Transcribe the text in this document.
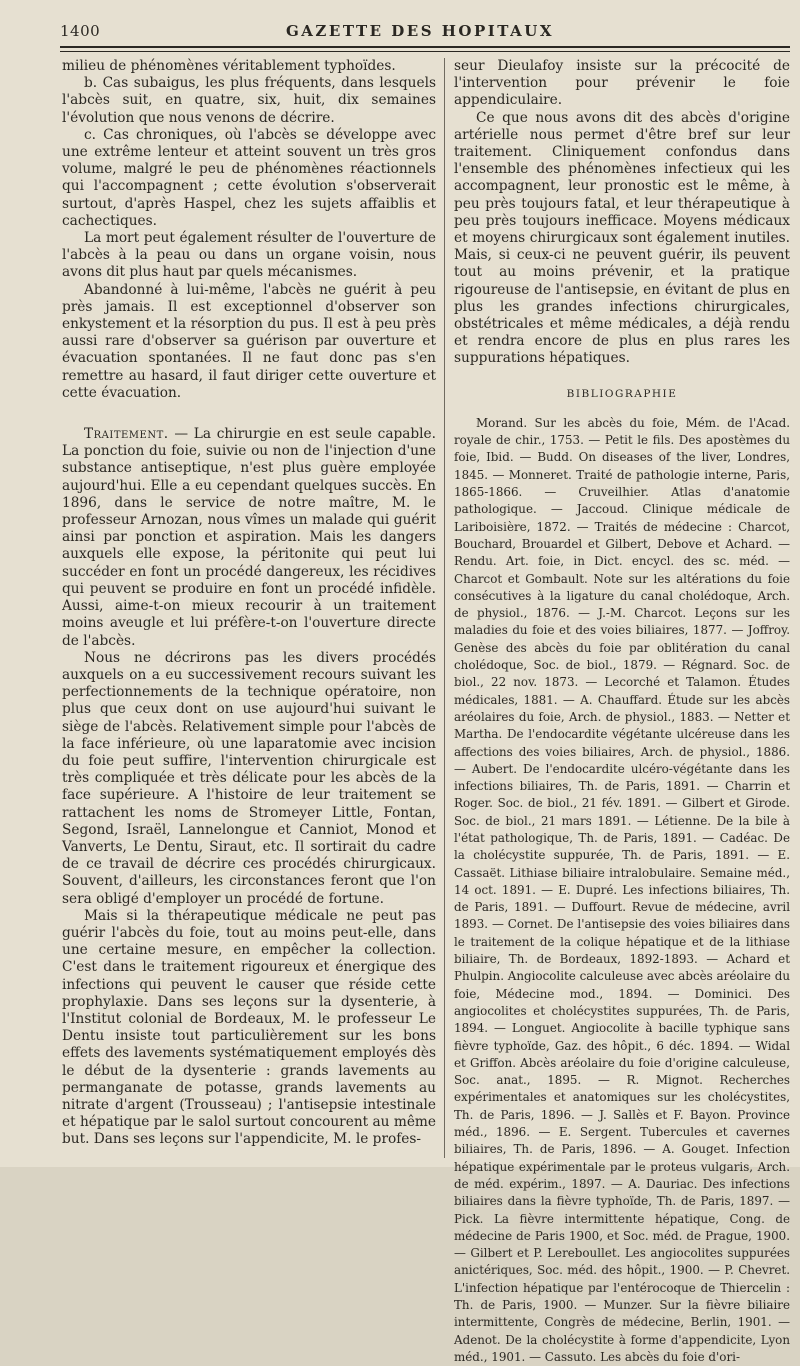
GAZETTE DES HOPITAUX
1400

milieu de phénomènes véritablement typhoïdes.

b. Cas subaigus, les plus fréquents, dans lesquels l'abcès suit, en quatre, six, huit, dix semaines l'évolution que nous venons de décrire.

c. Cas chroniques, où l'abcès se développe avec une extrême lenteur et atteint souvent un très gros volume, malgré le peu de phénomènes réactionnels qui l'accompagnent ; cette évolution s'observerait surtout, d'après Haspel, chez les sujets affaiblis et cachectiques.

La mort peut également résulter de l'ouverture de l'abcès à la peau ou dans un organe voisin, nous avons dit plus haut par quels mécanismes.

Abandonné à lui-même, l'abcès ne guérit à peu près jamais. Il est exceptionnel d'observer son enkystement et la résorption du pus. Il est à peu près aussi rare d'observer sa guérison par ouverture et évacuation spontanées. Il ne faut donc pas s'en remettre au hasard, il faut diriger cette ouverture et cette évacuation.

Traitement. — La chirurgie en est seule capable. La ponction du foie, suivie ou non de l'injection d'une substance antiseptique, n'est plus guère employée aujourd'hui. Elle a eu cependant quelques succès. En 1896, dans le service de notre maître, M. le professeur Arnozan, nous vîmes un malade qui guérit ainsi par ponction et aspiration. Mais les dangers auxquels elle expose, la péritonite qui peut lui succéder en font un procédé dangereux, les récidives qui peuvent se produire en font un procédé infidèle. Aussi, aime-t-on mieux recourir à un traitement moins aveugle et lui préfère-t-on l'ouverture directe de l'abcès.

Nous ne décrirons pas les divers procédés auxquels on a eu successivement recours suivant les perfectionnements de la technique opératoire, non plus que ceux dont on use aujourd'hui suivant le siège de l'abcès. Relativement simple pour l'abcès de la face inférieure, où une laparatomie avec incision du foie peut suffire, l'intervention chirurgicale est très compliquée et très délicate pour les abcès de la face supérieure. A l'histoire de leur traitement se rattachent les noms de Stromeyer Little, Fontan, Segond, Israël, Lannelongue et Canniot, Monod et Vanverts, Le Dentu, Siraut, etc. Il sortirait du cadre de ce travail de décrire ces procédés chirurgicaux. Souvent, d'ailleurs, les circonstances feront que l'on sera obligé d'employer un procédé de fortune.

Mais si la thérapeutique médicale ne peut pas guérir l'abcès du foie, tout au moins peut-elle, dans une certaine mesure, en empêcher la collection. C'est dans le traitement rigoureux et énergique des infections qui peuvent le causer que réside cette prophylaxie. Dans ses leçons sur la dysenterie, à l'Institut colonial de Bordeaux, M. le professeur Le Dentu insiste tout particulièrement sur les bons effets des lavements systématiquement employés dès le début de la dysenterie : grands lavements au permanganate de potasse, grands lavements au nitrate d'argent (Trousseau) ; l'antisepsie intestinale et hépatique par le salol surtout concourent au même but. Dans ses leçons sur l'appendicite, M. le profes-

seur Dieulafoy insiste sur la précocité de l'intervention pour prévenir le foie appendiculaire.

Ce que nous avons dit des abcès d'origine artérielle nous permet d'être bref sur leur traitement. Cliniquement confondus dans l'ensemble des phénomènes infectieux qui les accompagnent, leur pronostic est le même, à peu près toujours fatal, et leur thérapeutique à peu près toujours inefficace. Moyens médicaux et moyens chirurgicaux sont également inutiles. Mais, si ceux-ci ne peuvent guérir, ils peuvent tout au moins prévenir, et la pratique rigoureuse de l'antisepsie, en évitant de plus en plus les grandes infections chirurgicales, obstétricales et même médicales, a déjà rendu et rendra encore de plus en plus rares les suppurations hépatiques.

BIBLIOGRAPHIE

Morand. Sur les abcès du foie, Mém. de l'Acad. royale de chir., 1753. — Petit le fils. Des apostèmes du foie, Ibid. — Budd. On diseases of the liver, Londres, 1845. — Monneret. Traité de pathologie interne, Paris, 1865-1866. — Cruveilhier. Atlas d'anatomie pathologique. — Jaccoud. Clinique médicale de Lariboisière, 1872. — Traités de médecine : Charcot, Bouchard, Brouardel et Gilbert, Debove et Achard. — Rendu. Art. foie, in Dict. encycl. des sc. méd. — Charcot et Gombault. Note sur les altérations du foie consécutives à la ligature du canal cholédoque, Arch. de physiol., 1876. — J.-M. Charcot. Leçons sur les maladies du foie et des voies biliaires, 1877. — Joffroy. Genèse des abcès du foie par oblitération du canal cholédoque, Soc. de biol., 1879. — Régnard. Soc. de biol., 22 nov. 1873. — Lecorché et Talamon. Études médicales, 1881. — A. Chauffard. Étude sur les abcès aréolaires du foie, Arch. de physiol., 1883. — Netter et Martha. De l'endocardite végétante ulcéreuse dans les affections des voies biliaires, Arch. de physiol., 1886. — Aubert. De l'endocardite ulcéro-végétante dans les infections biliaires, Th. de Paris, 1891. — Charrin et Roger. Soc. de biol., 21 fév. 1891. — Gilbert et Girode. Soc. de biol., 21 mars 1891. — Létienne. De la bile à l'état pathologique, Th. de Paris, 1891. — Cadéac. De la cholécystite suppurée, Th. de Paris, 1891. — E. Cassaët. Lithiase biliaire intralobulaire. Semaine méd., 14 oct. 1891. — E. Dupré. Les infections biliaires, Th. de Paris, 1891. — Duffourt. Revue de médecine, avril 1893. — Cornet. De l'antisepsie des voies biliaires dans le traitement de la colique hépatique et de la lithiase biliaire, Th. de Bordeaux, 1892-1893. — Achard et Phulpin. Angiocolite calculeuse avec abcès aréolaire du foie, Médecine mod., 1894. — Dominici. Des angiocolites et cholécystites suppurées, Th. de Paris, 1894. — Longuet. Angiocolite à bacille typhique sans fièvre typhoïde, Gaz. des hôpit., 6 déc. 1894. — Widal et Griffon. Abcès aréolaire du foie d'origine calculeuse, Soc. anat., 1895. — R. Mignot. Recherches expérimentales et anatomiques sur les cholécystites, Th. de Paris, 1896. — J. Sallès et F. Bayon. Province méd., 1896. — E. Sergent. Tubercules et cavernes biliaires, Th. de Paris, 1896. — A. Gouget. Infection hépatique expérimentale par le proteus vulgaris, Arch. de méd. expérim., 1897. — A. Dauriac. Des infections biliaires dans la fièvre typhoïde, Th. de Paris, 1897. — Pick. La fièvre intermittente hépatique, Cong. de médecine de Paris 1900, et Soc. méd. de Prague, 1900. — Gilbert et P. Lereboullet. Les angiocolites suppurées anictériques, Soc. méd. des hôpit., 1900. — P. Chevret. L'infection hépatique par l'entérocoque de Thiercelin : Th. de Paris, 1900. — Munzer. Sur la fièvre biliaire intermittente, Congrès de médecine, Berlin, 1901. — Adenot. De la cholécystite à forme d'appendicite, Lyon méd., 1901. — Cassuto. Les abcès du foie d'ori-
